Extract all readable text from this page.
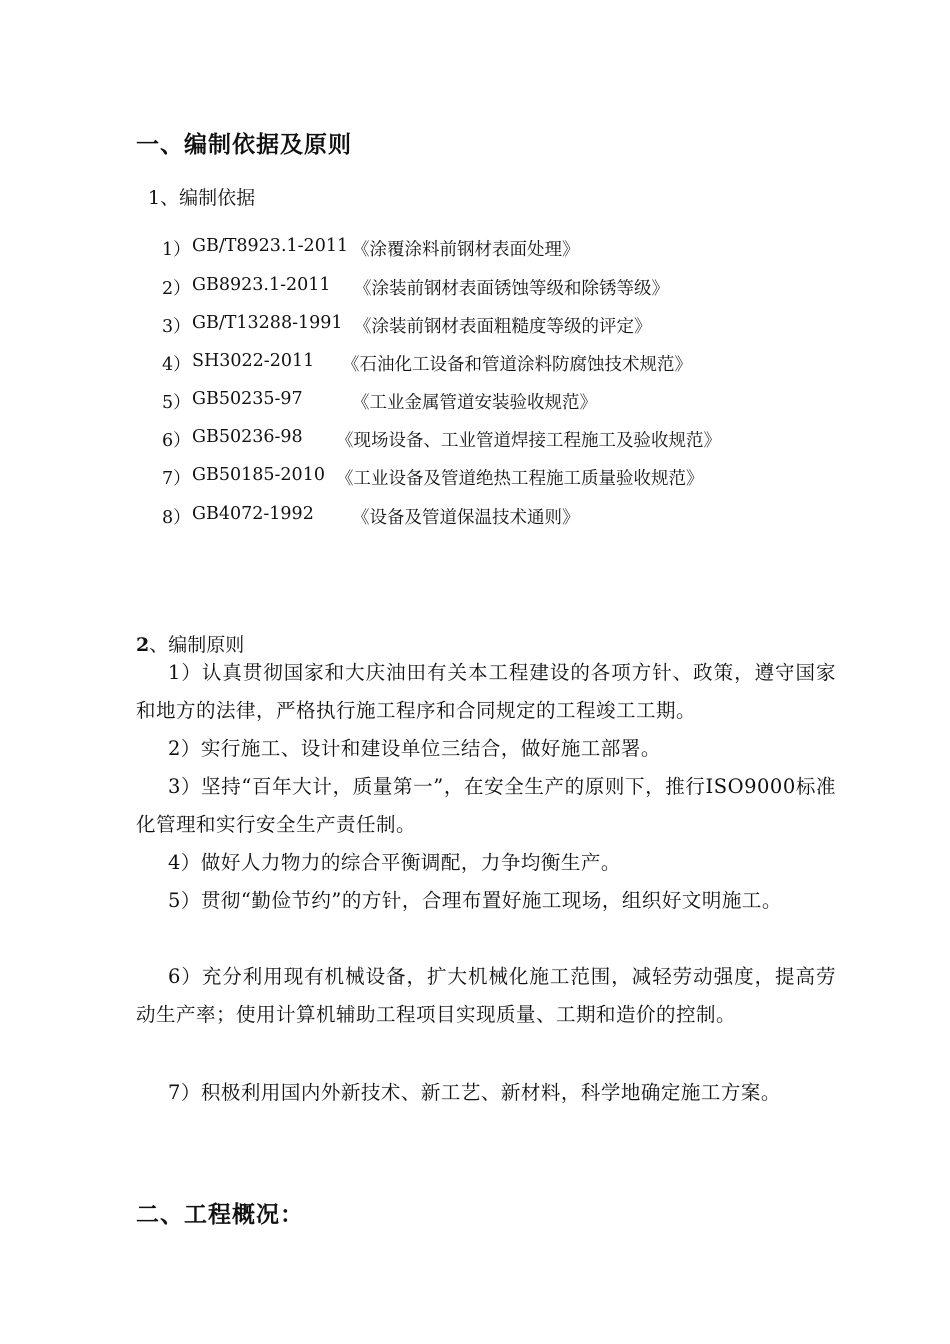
一、编制依据及原则
1、编制依据
1） GB/T8923.1-2011 《涂覆涂料前钢材表面处理》
2） GB8923.1-2011 《涂装前钢材表面锈蚀等级和除锈等级》
3） GB/T13288-1991 《涂装前钢材表面粗糙度等级的评定》
4） SH3022-2011 《石油化工设备和管道涂料防腐蚀技术规范》
5） GB50235-97	《工业金属管道安装验收规范》
6） GB50236-98 《现场设备、工业管道焊接工程施工及验收规范》
7） GB50185-2010 《工业设备及管道绝热工程施工质量验收规范》
8） GB4072-1992 《设备及管道保温技术通则》
2、编制原则

1）认真贯彻国家和大庆油田有关本工程建设的各项方针、政策，遵守国家和地方的法律，严格执行施工程序和合同规定的工程竣工工期。

2）实行施工、设计和建设单位三结合，做好施工部署。

3）坚持“百年大计，质量第一”，在安全生产的原则下，推行ISO9000标准化管理和实行安全生产责任制。

4）做好人力物力的综合平衡调配，力争均衡生产。

5）贯彻“勤俭节约”的方针，合理布置好施工现场，组织好文明施工。

6）充分利用现有机械设备，扩大机械化施工范围，减轻劳动强度，提高劳动生产率；使用计算机辅助工程项目实现质量、工期和造价的控制。

7）积极利用国内外新技术、新工艺、新材料，科学地确定施工方案。

二、工程概况：
